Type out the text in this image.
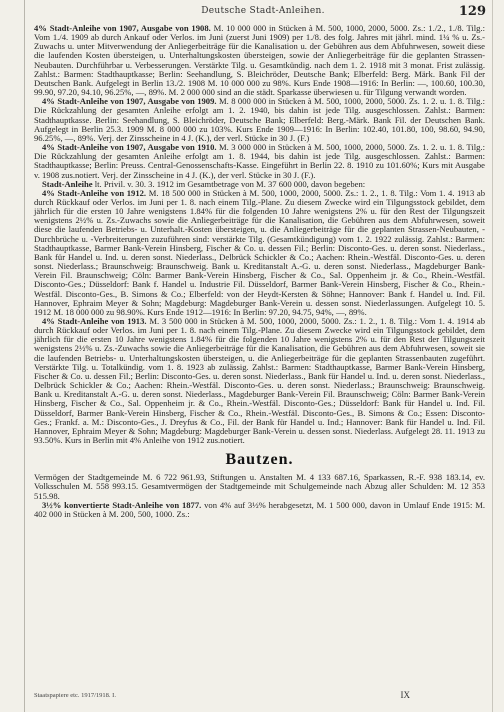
Deutsche Stadt-Anleihen.	129

4% Stadt-Anleihe von 1907, Ausgabe von 1908. M. 10 000 000 in Stücken à M. 500, 1000, 2000, 5000. Zs.: 1./2., 1./8. Tilg.: Vom 1./4. 1909 ab durch Ankauf oder Verlos. im Juni (zuerst Juni 1909) per 1./8. des folg. Jahres mit jährl. mind. 1¼ % u. Zs.-Zuwachs u. unter Mitverwendung der Anliegerbeiträge für die Kanalisation u. der Gebühren aus dem Abfuhrwesen, soweit diese die laufenden Kosten übersteigen, u. Unterhaltungskosten übersteigen, sowie der Anliegerbeiträge für die geplanten Strassen-Neubauten. Durchführbar u. Verbesserungen. Verstärkte Tilg. u. Gesamtkündig. nach dem 1. 2. 1918 mit 3 monat. Frist zulässig. Zahlst.: Barmen: Stadthauptkasse; Berlin: Seehandlung, S. Bleichröder, Deutsche Bank; Elberfeld: Berg. Märk. Bank Fil der Deutschen Bank. Aufgelegt in Berlin 13./2. 1908 M. 10 000 000 zu 98%. Kurs Ende 1908—1916: In Berlin: —, 100.60, 100.30, 99.90, 97.20, 94.10, 96.25%, —, 89%. M. 2 000 000 sind an die städt. Sparkasse überwiesen u. für Tilgung verwandt worden.

4% Stadt-Anleihe von 1907, Ausgabe von 1909. M. 8 000 000 in Stücken à M. 500, 1000, 2000, 5000. Zs. 1. 2. u. 1. 8. Tilg.: Die Rückzahlung der gesamten Anleihe erfolgt am 1. 2. 1940, bis dahin ist jede Tilg. ausgeschlossen. Zahlst.: Barmen: Stadthauptkasse. Berlin: Seehandlung, S. Bleichröder, Deutsche Bank; Elberfeld: Berg.-Märk. Bank Fil. der Deutschen Bank. Aufgelegt in Berlin 25.3. 1909 M. 8 000 000 zu 103%. Kurs Ende 1909—1916: In Berlin: 102.40, 101.80, 100, 98.60, 94.90, 96.25%, —, 89%. Verj. der Zinsscheine in 4 J. (K.), der verl. Stücke in 30 J. (F.)

4% Stadt-Anleihe von 1907, Ausgabe von 1910. M. 3 000 000 in Stücken à M. 500, 1000, 2000, 5000. Zs. 1. 2. u. 1. 8. Tilg.: Die Rückzahlung der gesamten Anleihe erfolgt am 1. 8. 1944, bis dahin ist jede Tilg. ausgeschlossen. Zahlst.: Barmen: Stadthauptkasse; Berlin: Preuss. Central-Genossenschafts-Kasse. Eingeführt in Berlin 22. 8. 1910 zu 101.60%; Kurs mit Ausgabe v. 1908 zus.notiert. Verj. der Zinsscheine in 4 J. (K.), der verl. Stücke in 30 J. (F.).

Stadt-Anleihe lt. Privil. v. 30. 3. 1912 im Gesamtbetrage von M. 37 600 000, davon begeben:

4% Stadt-Anleihe von 1912. M. 18 500 000 in Stücken à M. 500, 1000, 2000, 5000. Zs.: 1. 2., 1. 8. Tilg.: Vom 1. 4. 1913 ab durch Rückkauf oder Verlos. im Juni per 1. 8. nach einem Tilg.-Plane. Zu diesem Zwecke wird ein Tilgungsstock gebildet, dem jährlich für die ersten 10 Jahre wenigstens 1.84% für die folgenden 10 Jahre wenigstens 2% u. für den Rest der Tilgungszeit wenigstens 2½% u. Zs.-Zuwachs sowie die Anliegerbeiträge für die Kanalisation, die Gebühren aus dem Abfuhrwesen, soweit diese die laufenden Betriebs- u. Unterhalt.-Kosten übersteigen, u. die Anliegerbeiträge für die geplanten Strassen-Neubauten, -Durchbrüche u. -Verbreiterungen zuzuführen sind: verstärkte Tilg. (Gesamtkündigung) vom 1. 2. 1922 zulässig. Zahlst.: Barmen: Stadthauptkasse, Barmer Bank-Verein Hinsberg, Fischer & Co. u. dessen Fil.; Berlin: Disconto-Ges. u. deren sonst. Niederlass., Bank für Handel u. Ind. u. deren sonst. Niederlass., Delbrück Schickler & Co.; Aachen: Rhein.-Westfäl. Disconto-Ges. u. deren sonst. Niederlass.; Braunschweig: Braunschweig. Bank u. Kreditanstalt A.-G. u. deren sonst. Niederlass., Magdeburger Bank-Verein Fil. Braunschweig; Cöln: Barmer Bank-Verein Hinsberg, Fischer & Co., Sal. Oppenheim jr. & Co., Rhein.-Westfäl. Disconto-Ges.; Düsseldorf: Bank f. Handel u. Industrie Fil. Düsseldorf, Barmer Bank-Verein Hinsberg, Fischer & Co., Rhein.-Westfäl. Disconto-Ges., B. Simons & Co.; Elberfeld: von der Heydt-Kersten & Söhne; Hannover: Bank f. Handel u. Ind. Fil. Hannover, Ephraim Meyer & Sohn; Magdeburg: Magdeburger Bank-Verein u. dessen sonst. Niederlassungen. Aufgelegt 10. 5. 1912 M. 18 000 000 zu 98.90%. Kurs Ende 1912—1916: In Berlin: 97.20, 94.75, 94%, —, 89%.

4% Stadt-Anleihe von 1913. M. 3 500 000 in Stücken à M. 500, 1000, 2000, 5000. Zs.: 1. 2., 1. 8. Tilg.: Vom 1. 4. 1914 ab durch Rückkauf oder Verlos. im Juni per 1. 8. nach einem Tilg.-Plane. Zu diesem Zwecke wird ein Tilgungsstock gebildet, dem jährlich für die ersten 10 Jahre wenigstens 1.84% für die folgenden 10 Jahre wenigstens 2% u. für den Rest der Tilgungszeit wenigstens 2½% u. Zs.-Zuwachs sowie die Anliegerbeiträge für die Kanalisation, die Gebühren aus dem Abfuhrwesen, soweit sie die laufenden Betriebs- u. Unterhaltungskosten übersteigen, u. die Anliegerbeiträge für die geplanten Strassenbauten zugeführt. Verstärkte Tilg. u. Totalkündig. vom 1. 8. 1923 ab zulässig. Zahlst.: Barmen: Stadthauptkasse, Barmer Bank-Verein Hinsberg, Fischer & Co. u. dessen Fil.; Berlin: Disconto-Ges. u. deren sonst. Niederlass., Bank für Handel u. Ind. u. deren sonst. Niederlass., Delbrück Schickler & Co.; Aachen: Rhein.-Westfäl. Disconto-Ges. u. deren sonst. Niederlass.; Braunschweig: Braunschweig. Bank u. Kreditanstalt A.-G. u. deren sonst. Niederlass., Magdeburger Bank-Verein Fil. Braunschweig; Cöln: Barmer Bank-Verein Hinsberg, Fischer & Co., Sal. Oppenheim jr. & Co., Rhein.-Westfäl. Disconto-Ges.; Düsseldorf: Bank für Handel u. Ind. Fil. Düsseldorf, Barmer Bank-Verein Hinsberg, Fischer & Co., Rhein.-Westfäl. Disconto-Ges., B. Simons & Co.; Essen: Disconto-Ges.; Frankf. a. M.: Disconto-Ges., J. Dreyfus & Co., Fil. der Bank für Handel u. Ind.; Hannover: Bank für Handel u. Ind. Fil. Hannover, Ephraim Meyer & Sohn; Magdeburg: Magdeburger Bank-Verein u. dessen sonst. Niederlass. Aufgelegt 28. 11. 1913 zu 93.50%. Kurs in Berlin mit 4% Anleihe von 1912 zus.notiert.

Bautzen.

Vermögen der Stadtgemeinde M. 6 722 961.93, Stiftungen u. Anstalten M. 4 133 687.16, Sparkassen, R.-F. 938 183.14, ev. Volksschulen M. 558 993.15. Gesamtvermögen der Stadtgemeinde mit Schulgemeinde nach Abzug aller Schulden: M. 12 353 515.98.

3½% konvertierte Stadt-Anleihe von 1877. von 4% auf 3½% herabgesetzt, M. 1 500 000, davon in Umlauf Ende 1915: M. 402 000 in Stücken à M. 200, 500, 1000. Zs.:

Staatspapiere etc. 1917/1918. I.	IX
